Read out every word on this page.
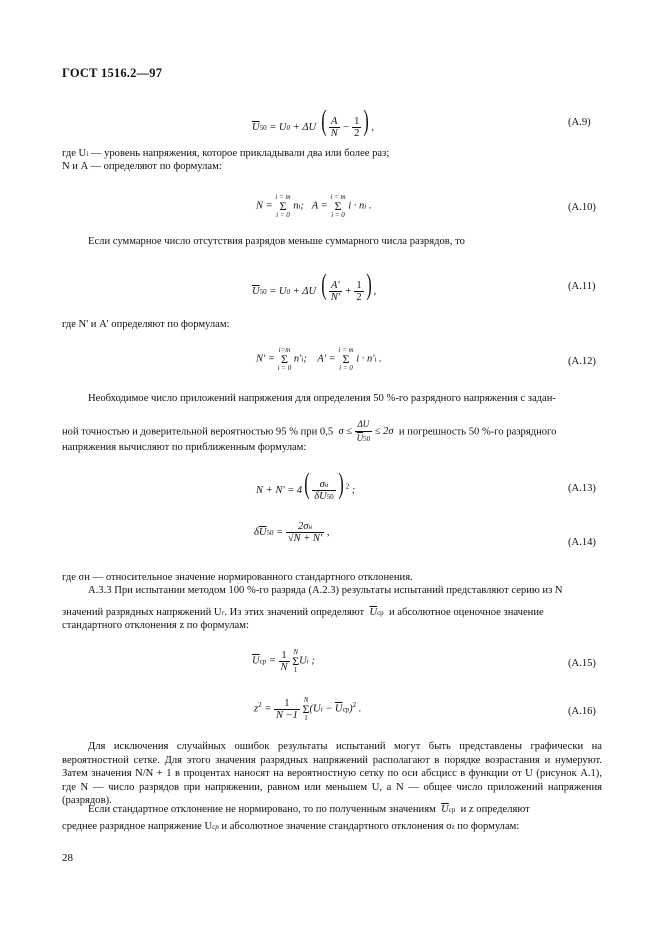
ГОСТ 1516.2—97
$\overline{U}50 = U0 + \Delta U$ ( $\frac{A}{N} - \frac{1}{2}$ ) ,	(А.9)
где Ui — уровень напряжения, которое прикладывали два или более раз;
N и A — определяют по формулам:
N = i = m
Σ
i = 0 ni;   A = i = m
Σ
i = 0 i · ni .	(А.10)
Если суммарное число отсутствия разрядов меньше суммарного числа разрядов, то
$\overline{U}50 = U0 + \Delta U$ ( $\frac{A'}{N'} + \frac{1}{2}$ ) ,	(А.11)
где N' и A' определяют по формулам:
N' = i=m
Σ
i = 0 n'i;    A' = i = m
Σ
i = 0 i · n'i .	(А.12)
Необходимое число приложений напряжения для определения 50 %-го разрядного напряжения с задан-
ной точностью и доверительной вероятностью 95 % при 0,5  $\sigma \le \frac{\Delta U}{\overline{U}50} \le 2\sigma$  и погрешность 50 %-го разрядного
напряжения вычисляют по приближенным формулам:
$N + N' = 4( \frac{\sigma н}{\delta\overline{U}50}$ ) $^2$ ;	(А.13)
$\delta\overline{U}50 = \frac{2\sigma н}{√N + N'}$ ,
(А.14)
где σн — относительное значение нормированного стандартного отклонения.
А.3.3 При испытании методом 100 %-го разряда (А.2.3) результаты испытаний представляют серию из N
значений разрядных напряжений Ur. Из этих значений определяют $\overline{U}ср$ и абсолютное оценочное значение
стандартного отклонения z по формулам:
$\overline{U}ср = \frac{1}{N}$ N
Σ
1Ui ;	(А.15)
$z^2 = \frac{1}{N -1}$ N
Σ
$1(Ui - \overline{U}ср)^2$ .	(А.16)
Для исключения случайных ошибок результаты испытаний могут быть представлены графически на вероятностной сетке. Для этого значения разрядных напряжений располагают в порядке возрастания и нумеруют. Затем значения N/N + 1 в процентах наносят на вероятностную сетку по оси абсцисс в функции от U (рисунок А.1), где N — число разрядов при напряжении, равном или меньшем U, а N — общее число приложений напряжения (разрядов).
Если стандартное отклонение не нормировано, то по полученным значениям $\overline{U}ср$ и z определяют
среднее разрядное напряжение Uср и абсолютное значение стандартного отклонения σz по формулам:
28
